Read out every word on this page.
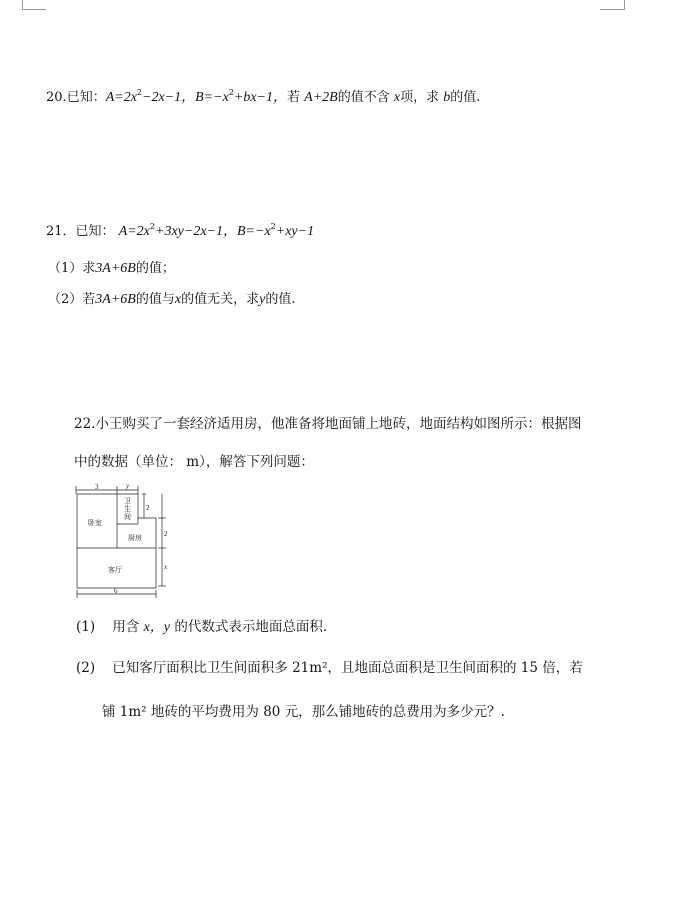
20.已知：$A=2x^2-2x-1$，$B=-x^2+bx-1$，若 A+2B的值不含 x项，求 b的值.
21．已知： $A=2x^2+3xy-2x-1$，$B=-x^2+xy-1$
（1）求3A+6B的值；
（2）若3A+6B的值与x的值无关，求y的值.
22.小王购买了一套经济适用房，他准备将地面铺上地砖，地面结构如图所示：根据图
中的数据（单位： m），解答下列问题：
3	y
2
2
x
6
卧室
卫
生
间
厨房
客厅
(1) 用含 x，y 的代数式表示地面总面积.
(2) 已知客厅面积比卫生间面积多 21m²，且地面总面积是卫生间面积的 15 倍，若
铺 1m² 地砖的平均费用为 80 元，那么铺地砖的总费用为多少元？.
